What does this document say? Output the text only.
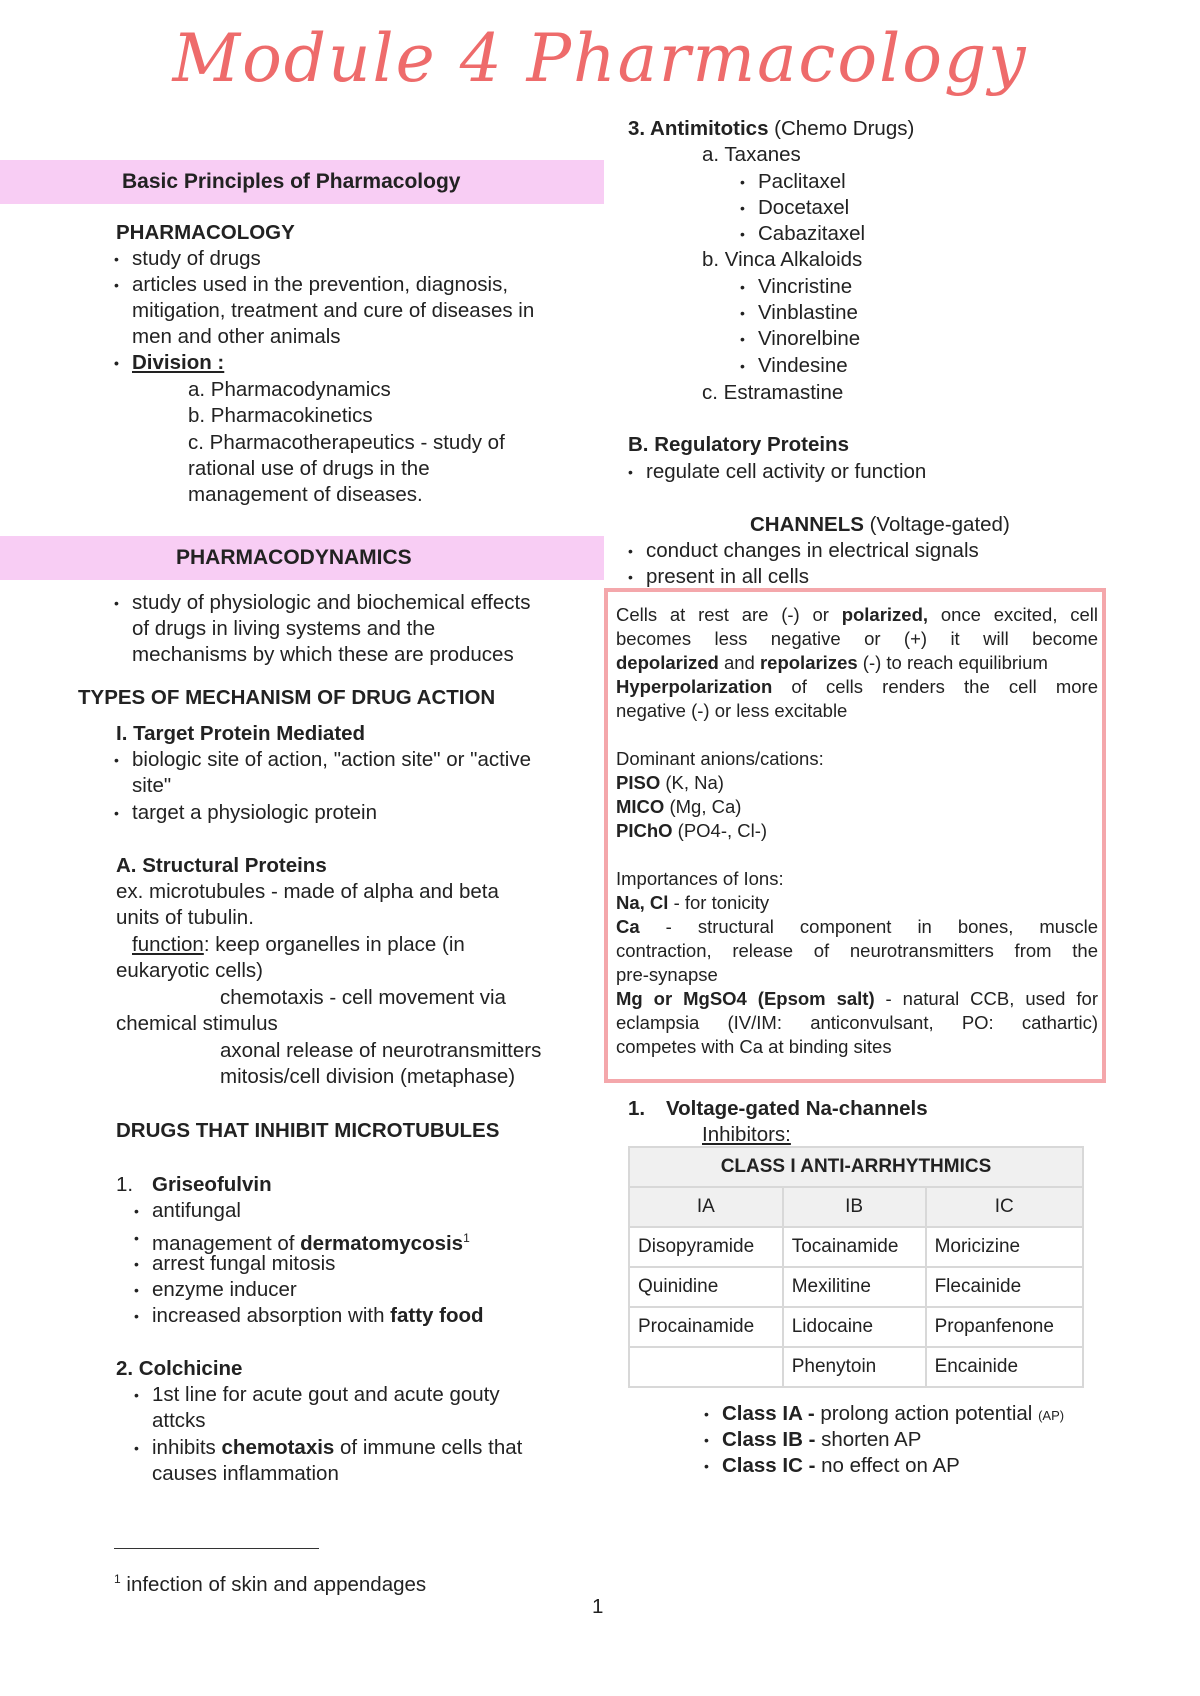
Module 4 Pharmacology
Basic Principles of Pharmacology
PHARMACOLOGY
• study of drugs
• articles used in the prevention, diagnosis,
mitigation, treatment and cure of diseases in
men and other animals
• Division :
a. Pharmacodynamics
b. Pharmacokinetics
c. Pharmacotherapeutics - study of
rational use of drugs in the
management of diseases.
PHARMACODYNAMICS
• study of physiologic and biochemical effects
of drugs in living systems and the
mechanisms by which these are produces
TYPES OF MECHANISM OF DRUG ACTION
I. Target Protein Mediated
• biologic site of action, "action site" or "active
site"
• target a physiologic protein
A. Structural Proteins
ex. microtubules - made of alpha and beta
units of tubulin.
function: keep organelles in place (in
eukaryotic cells)
chemotaxis - cell movement via
chemical stimulus
axonal release of neurotransmitters
mitosis/cell division (metaphase)
DRUGS THAT INHIBIT MICROTUBULES
1. Griseofulvin
• antifungal
• management of dermatomycosis$^1$
• arrest fungal mitosis
• enzyme inducer
• increased absorption with fatty food
2. Colchicine
• 1st line for acute gout and acute gouty
attcks
• inhibits chemotaxis of immune cells that
causes inflammation
$^1$ infection of skin and appendages
1
3. Antimitotics (Chemo Drugs)
a. Taxanes
• Paclitaxel
• Docetaxel
• Cabazitaxel
b. Vinca Alkaloids
• Vincristine
• Vinblastine
• Vinorelbine
• Vindesine
c. Estramastine
B. Regulatory Proteins
• regulate cell activity or function
CHANNELS (Voltage-gated)
• conduct changes in electrical signals
• present in all cells
Cells at rest are (-) or polarized, once excited, cell
becomes less negative or (+) it will become
depolarized and repolarizes (-) to reach equilibrium
Hyperpolarization of cells renders the cell more
negative (-) or less excitable
Dominant anions/cations:
PISO (K, Na)
MICO (Mg, Ca)
PIChO (PO4-, Cl-)
Importances of Ions:
Na, Cl - for tonicity
Ca - structural component in bones, muscle
contraction, release of neurotransmitters from the
pre-synapse
Mg or MgSO4 (Epsom salt) - natural CCB, used for
eclampsia (IV/IM: anticonvulsant, PO: cathartic)
competes with Ca at binding sites
1. Voltage-gated Na-channels
Inhibitors:
CLASS I ANTI-ARRHYTHMICS		
IA	IB	IC
Disopyramide	Tocainamide	Moricizine
Quinidine	Mexilitine	Flecainide
Procainamide	Lidocaine	Propanfenone
	Phenytoin	Encainide
• Class IA - prolong action potential (AP)
• Class IB - shorten AP
• Class IC - no effect on AP
